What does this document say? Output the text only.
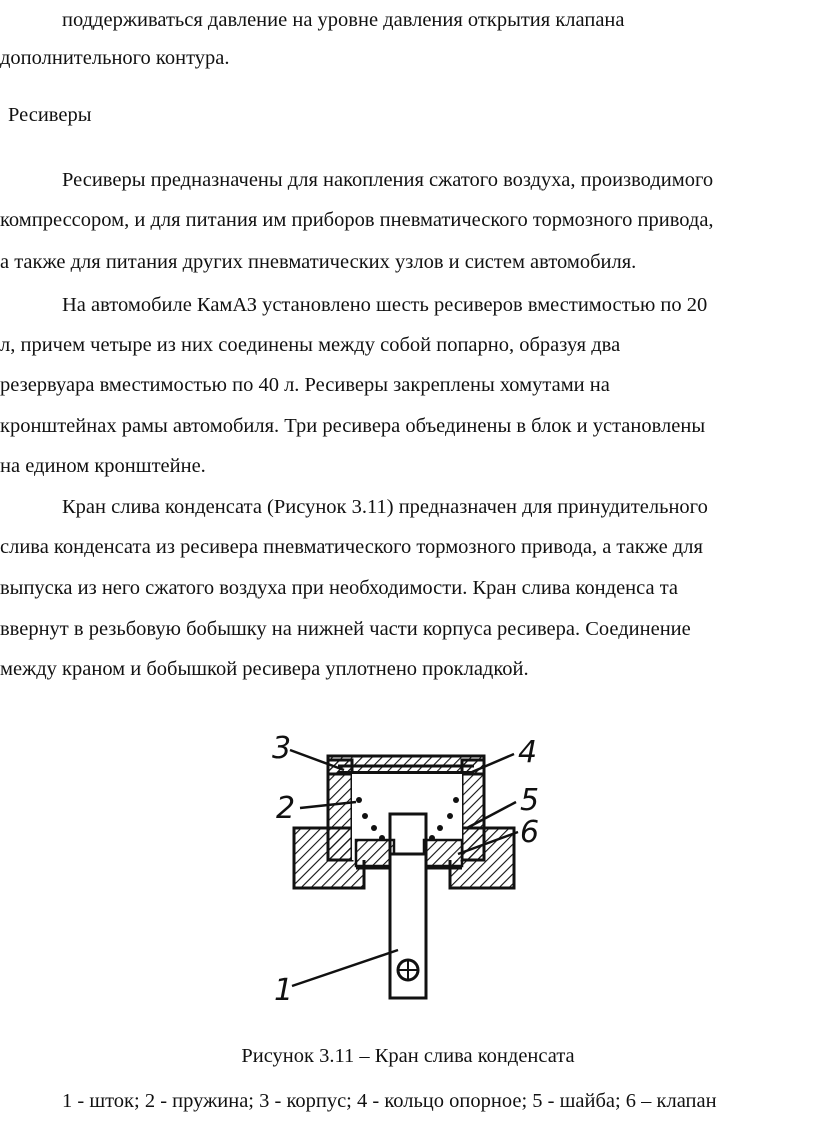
поддерживаться давление на уровне давления открытия клапана
дополнительного контура.
Ресиверы
Ресиверы предназначены для накопления сжатого воздуха, производимого
компрессором, и для питания им приборов пневматического тормозного привода,
а также для питания других пневматических узлов и систем автомобиля.
На автомобиле КамАЗ установлено шесть ресиверов вместимостью по 20
л, причем четыре из них соединены между собой попарно, образуя два
резервуара вместимостью по 40 л. Ресиверы закреплены хомутами на
кронштейнах рамы автомобиля. Три ресивера объединены в блок и установлены
на едином кронштейне.
Кран слива конденсата (Рисунок 3.11) предназначен для принудительного
слива конденсата из ресивера пневматического тормозного привода, а также для
выпуска из него сжатого воздуха при необходимости. Кран слива конденса та
ввернут в резьбовую бобышку на нижней части корпуса ресивера. Соединение
между краном и бобышкой ресивера уплотнено прокладкой.
3
2
4
5
6
1
Рисунок 3.11 – Кран слива конденсата
1 - шток; 2 - пружина; 3 - корпус; 4 - кольцо опорное; 5 - шайба; 6 – клапан
